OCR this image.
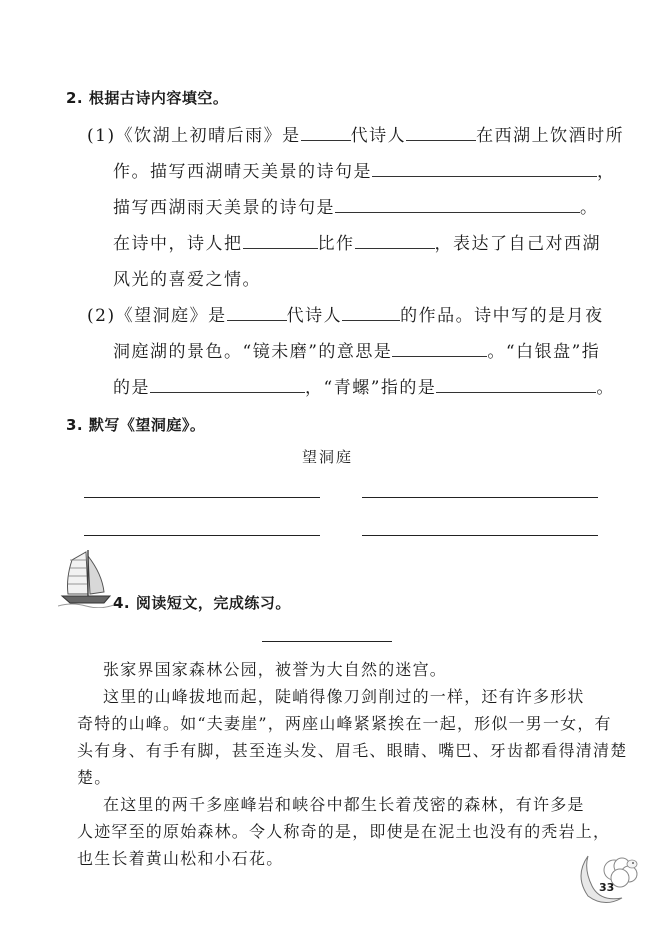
2. 根据古诗内容填空。
(1)《饮湖上初晴后雨》是	代诗人	在西湖上饮酒时所
作。描写西湖晴天美景的诗句是	，
描写西湖雨天美景的诗句是	。
在诗中，诗人把	比作	，表达了自己对西湖
风光的喜爱之情。
(2)《望洞庭》是	代诗人	的作品。诗中写的是月夜
洞庭湖的景色。“镜未磨”的意思是	。“白银盘”指
的是	，“青螺”指的是	。
3. 默写《望洞庭》。
望洞庭
4. 阅读短文，完成练习。
张家界国家森林公园，被誉为大自然的迷宫。
这里的山峰拔地而起，陡峭得像刀剑削过的一样，还有许多形状
奇特的山峰。如“夫妻崖”，两座山峰紧紧挨在一起，形似一男一女，有
头有身、有手有脚，甚至连头发、眉毛、眼睛、嘴巴、牙齿都看得清清楚
楚。
在这里的两千多座峰岩和峡谷中都生长着茂密的森林，有许多是
人迹罕至的原始森林。令人称奇的是，即使是在泥土也没有的秃岩上，
也生长着黄山松和小石花。
33
